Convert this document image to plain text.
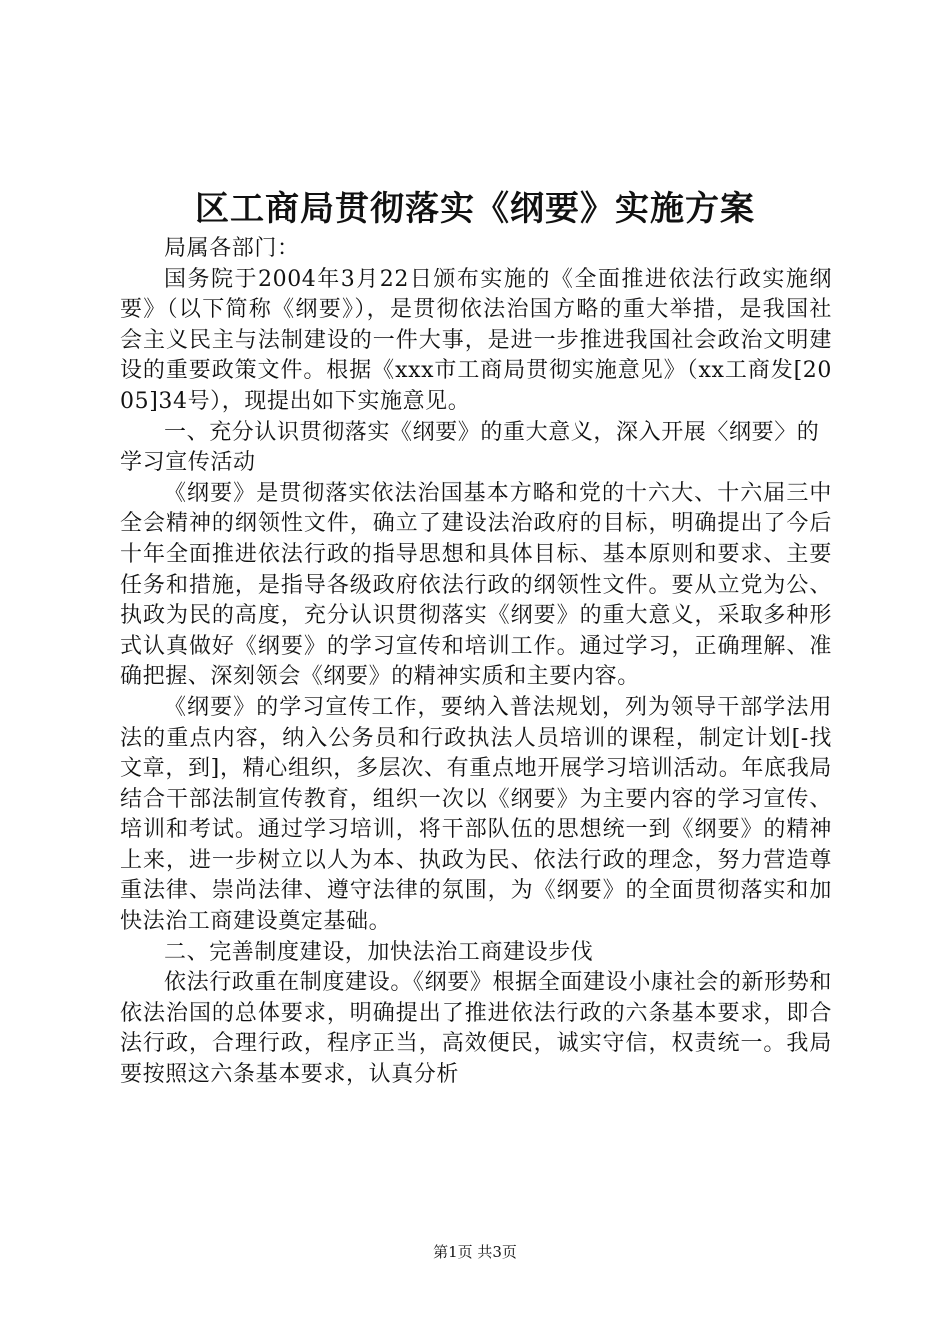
区工商局贯彻落实《纲要》实施方案

局属各部门：

国务院于2004年3月22日颁布实施的《全面推进依法行政实施纲要》（以下简称《纲要》），是贯彻依法治国方略的重大举措，是我国社会主义民主与法制建设的一件大事，是进一步推进我国社会政治文明建设的重要政策文件。根据《xxx市工商局贯彻实施意见》（xx工商发[2005]34号），现提出如下实施意见。

一、充分认识贯彻落实《纲要》的重大意义，深入开展〈纲要〉的学习宣传活动

《纲要》是贯彻落实依法治国基本方略和党的十六大、十六届三中全会精神的纲领性文件，确立了建设法治政府的目标，明确提出了今后十年全面推进依法行政的指导思想和具体目标、基本原则和要求、主要任务和措施，是指导各级政府依法行政的纲领性文件。要从立党为公、执政为民的高度，充分认识贯彻落实《纲要》的重大意义，采取多种形式认真做好《纲要》的学习宣传和培训工作。通过学习，正确理解、准确把握、深刻领会《纲要》的精神实质和主要内容。

《纲要》的学习宣传工作，要纳入普法规划，列为领导干部学法用法的重点内容，纳入公务员和行政执法人员培训的课程，制定计划[-找文章，到]，精心组织，多层次、有重点地开展学习培训活动。年底我局结合干部法制宣传教育，组织一次以《纲要》为主要内容的学习宣传、培训和考试。通过学习培训，将干部队伍的思想统一到《纲要》的精神上来，进一步树立以人为本、执政为民、依法行政的理念，努力营造尊重法律、崇尚法律、遵守法律的氛围，为《纲要》的全面贯彻落实和加快法治工商建设奠定基础。

二、完善制度建设，加快法治工商建设步伐

依法行政重在制度建设。《纲要》根据全面建设小康社会的新形势和依法治国的总体要求，明确提出了推进依法行政的六条基本要求，即合法行政，合理行政，程序正当，高效便民，诚实守信，权责统一。我局要按照这六条基本要求，认真分析

第1页 共3页
